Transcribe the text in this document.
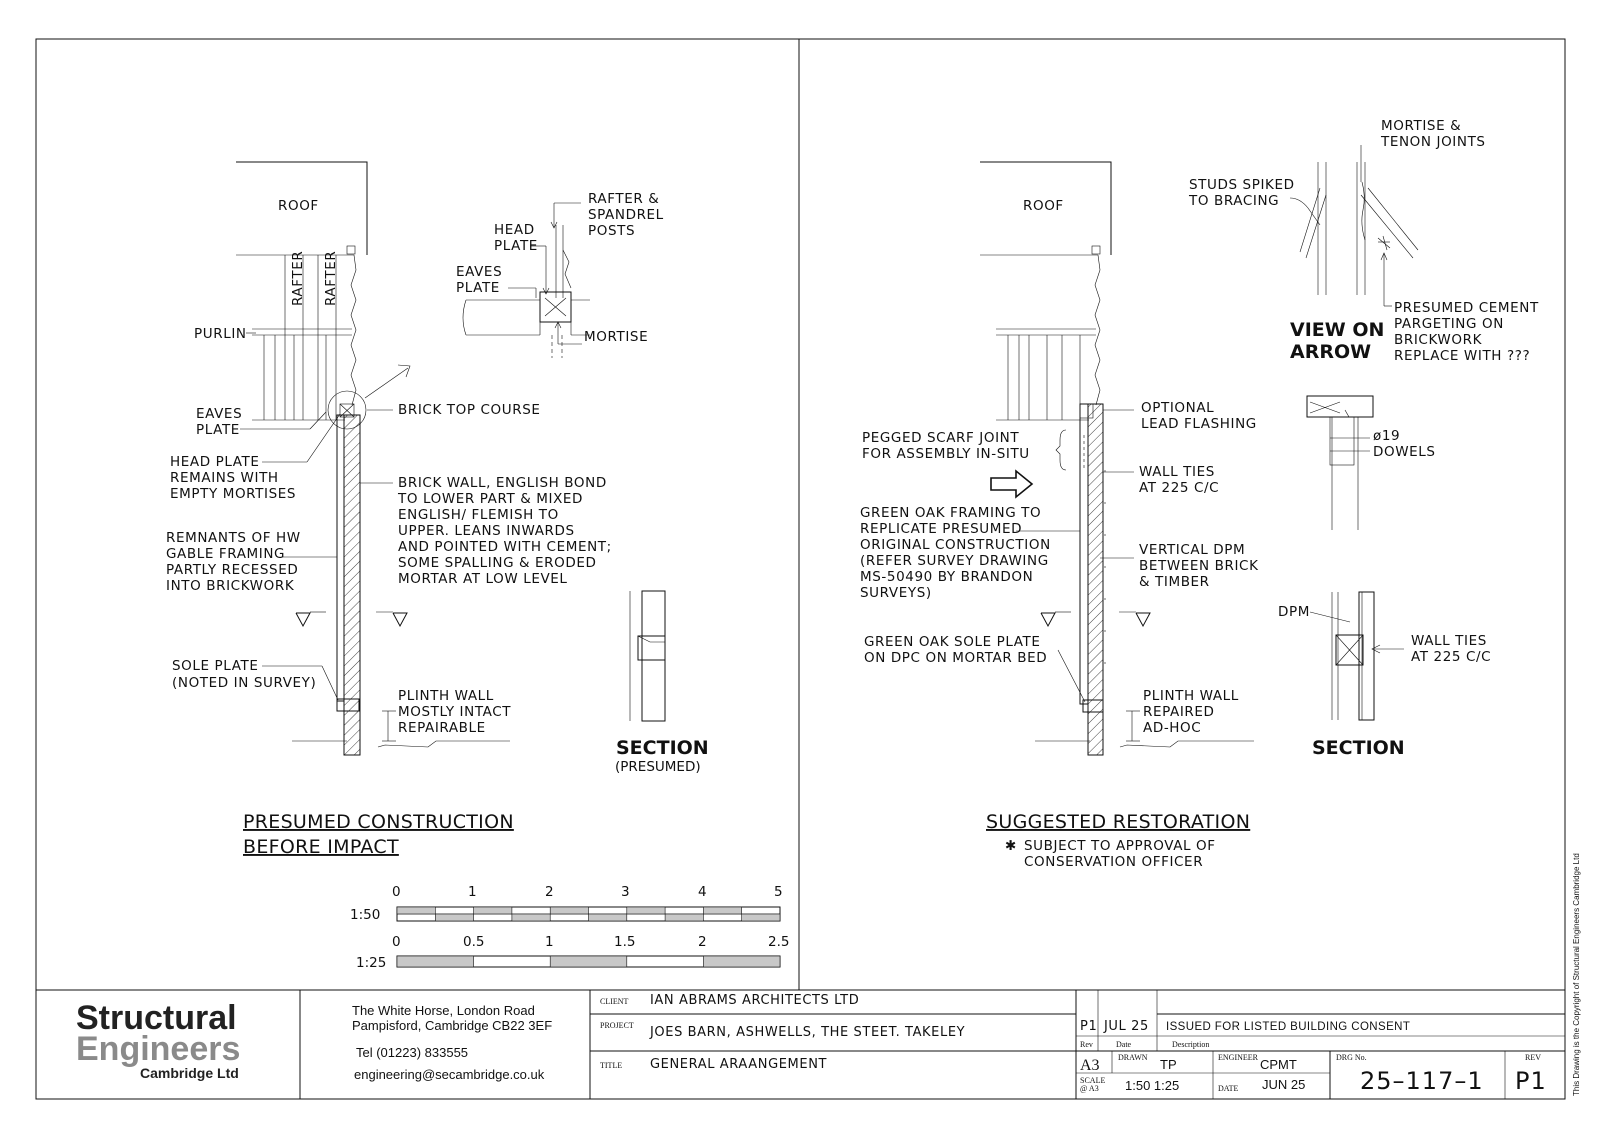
ROOF
RAFTER RAFTER
PURLIN
EAVES
PLATE
BRICK TOP COURSE
HEAD PLATE
REMAINS WITH
EMPTY MORTISES
BRICK WALL, ENGLISH BOND
TO LOWER PART & MIXED
ENGLISH/ FLEMISH TO
UPPER. LEANS INWARDS
AND POINTED WITH CEMENT;
SOME SPALLING & ERODED
MORTAR AT LOW LEVEL
REMNANTS OF HW
GABLE FRAMING
PARTLY RECESSED
INTO BRICKWORK
SOLE PLATE
(NOTED IN SURVEY)
PLINTH WALL
MOSTLY INTACT
REPAIRABLE
RAFTER &
SPANDREL
POSTS
HEAD
PLATE
EAVES
PLATE
MORTISE
SECTION
(PRESUMED)
PRESUMED CONSTRUCTION
BEFORE IMPACT
1:50
0	1	2	3	4	5
1:25
0	0.5	1	1.5	2	2.5
ROOF
OPTIONAL
LEAD FLASHING
PEGGED SCARF JOINT
FOR ASSEMBLY IN-SITU
WALL TIES
AT 225 C/C
GREEN OAK FRAMING TO
REPLICATE PRESUMED
ORIGINAL CONSTRUCTION
(REFER SURVEY DRAWING
MS-50490 BY BRANDON
SURVEYS)
VERTICAL DPM
BETWEEN BRICK
& TIMBER
GREEN OAK SOLE PLATE
ON DPC ON MORTAR BED
PLINTH WALL
REPAIRED
AD-HOC
MORTISE &
TENON JOINTS
STUDS SPIKED
TO BRACING
VIEW ON
ARROW
PRESUMED CEMENT
PARGETING ON
BRICKWORK
REPLACE WITH ???
ø19
DOWELS
DPM
WALL TIES
AT 225 C/C
SECTION
SUGGESTED RESTORATION
✱ SUBJECT TO APPROVAL OF
CONSERVATION OFFICER
Structural
Engineers
Cambridge Ltd
The White Horse, London Road
Pampisford, Cambridge CB22 3EF
Tel (01223) 833555
engineering@secambridge.co.uk
CLIENT IAN ABRAMS ARCHITECTS LTD
PROJECT JOES BARN, ASHWELLS, THE STEET. TAKELEY
TITLE GENERAL ARAANGEMENT
P1 JUL 25 ISSUED FOR LISTED BUILDING CONSENT
Rev	Date	Description
A3 DRAWN TP	ENGINEER CPMT
SCALE
@ A3 1:50 1:25	DATE JUN 25
DRG No.
25–117–1
REV
P1	This Drawing is the Copyright of Structural Engineers Cambridge Ltd
